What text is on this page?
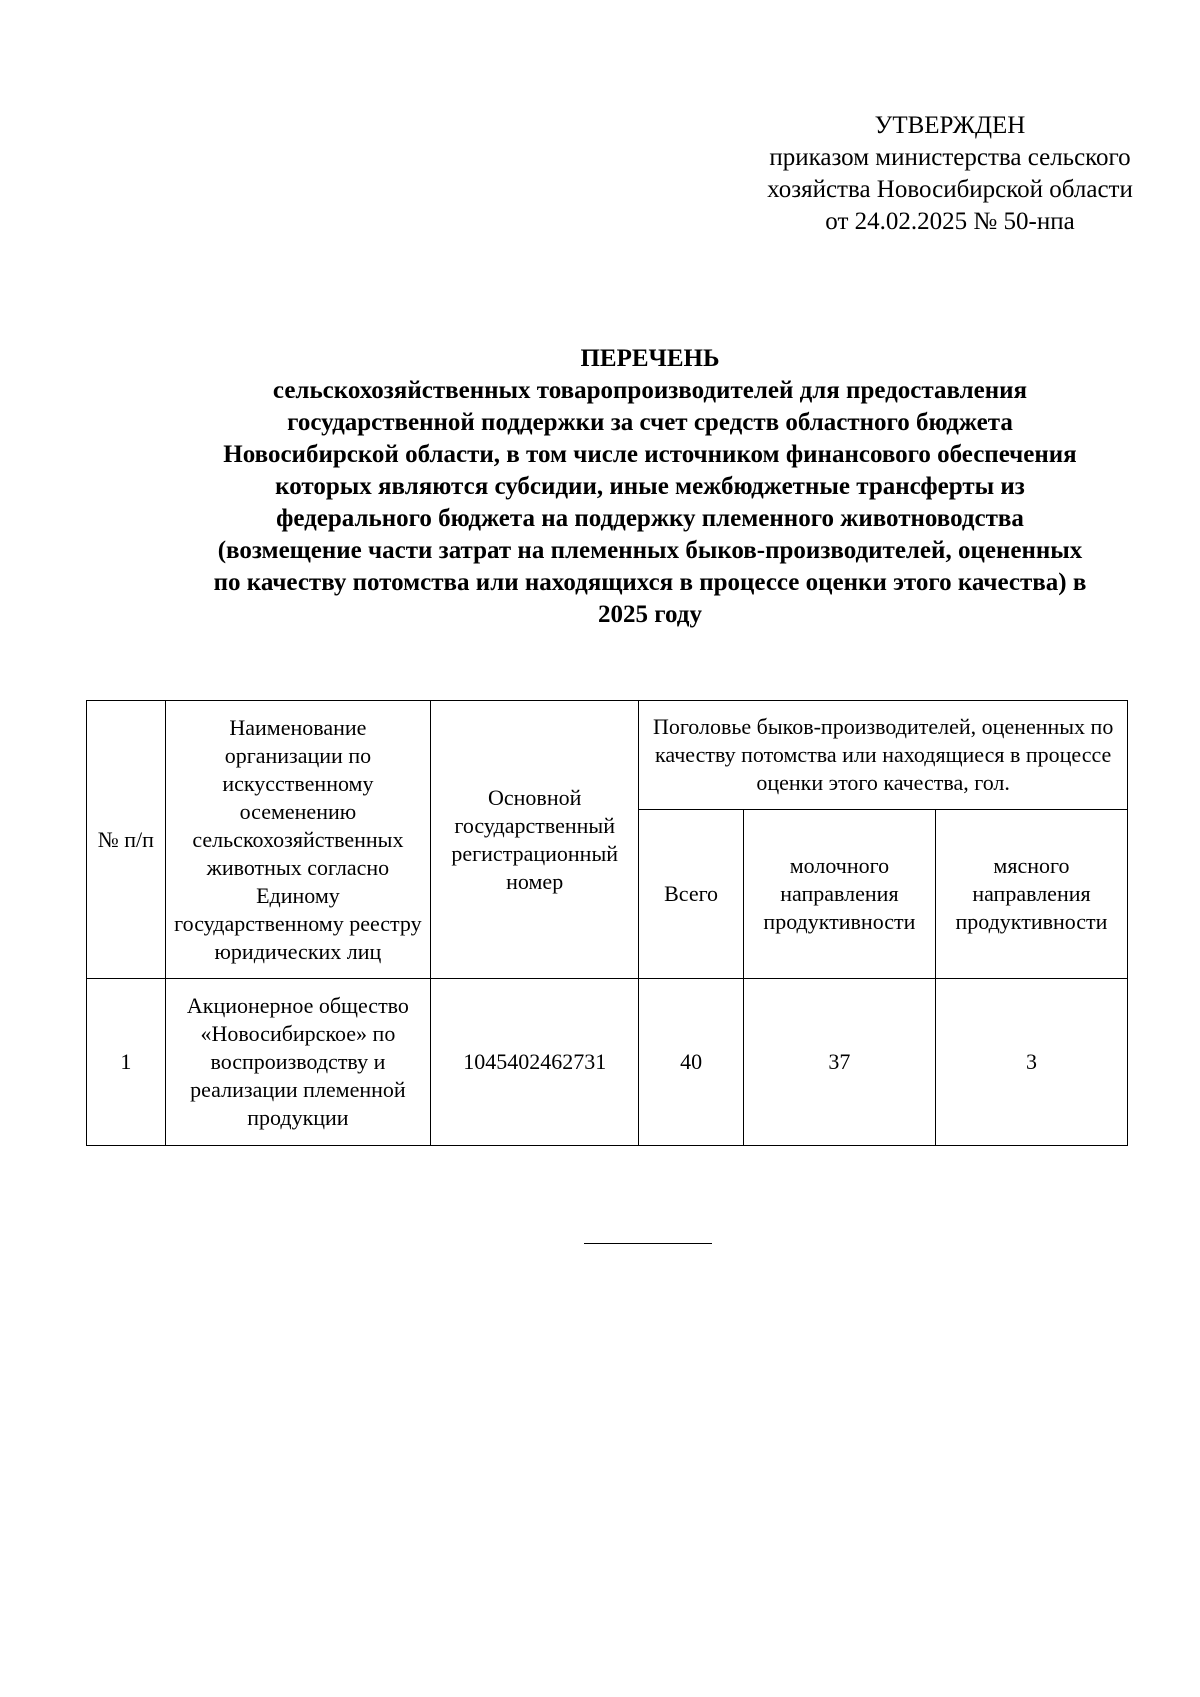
УТВЕРЖДЕН
приказом министерства сельского
хозяйства Новосибирской области
от 24.02.2025 № 50-нпа
ПЕРЕЧЕНЬ
сельскохозяйственных товаропроизводителей для предоставления
государственной поддержки за счет средств областного бюджета
Новосибирской области, в том числе источником финансового обеспечения
которых являются субсидии, иные межбюджетные трансферты из
федерального бюджета на поддержку племенного животноводства
(возмещение части затрат на племенных быков-производителей, оцененных
по качеству потомства или находящихся в процессе оценки этого качества) в
2025 году
№ п/п	Наименование организации по искусственному осеменению сельскохозяйственных животных согласно Единому государственному реестру юридических лиц	Основной государственный регистрационный номер	Поголовье быков-производителей, оцененных по качеству потомства или находящиеся в процессе оценки этого качества, гол.		
			Всего	молочного направления продуктивности	мясного направления продуктивности
1	Акционерное общество «Новосибирское» по воспроизводству и реализации племенной продукции	1045402462731	40	37	3
